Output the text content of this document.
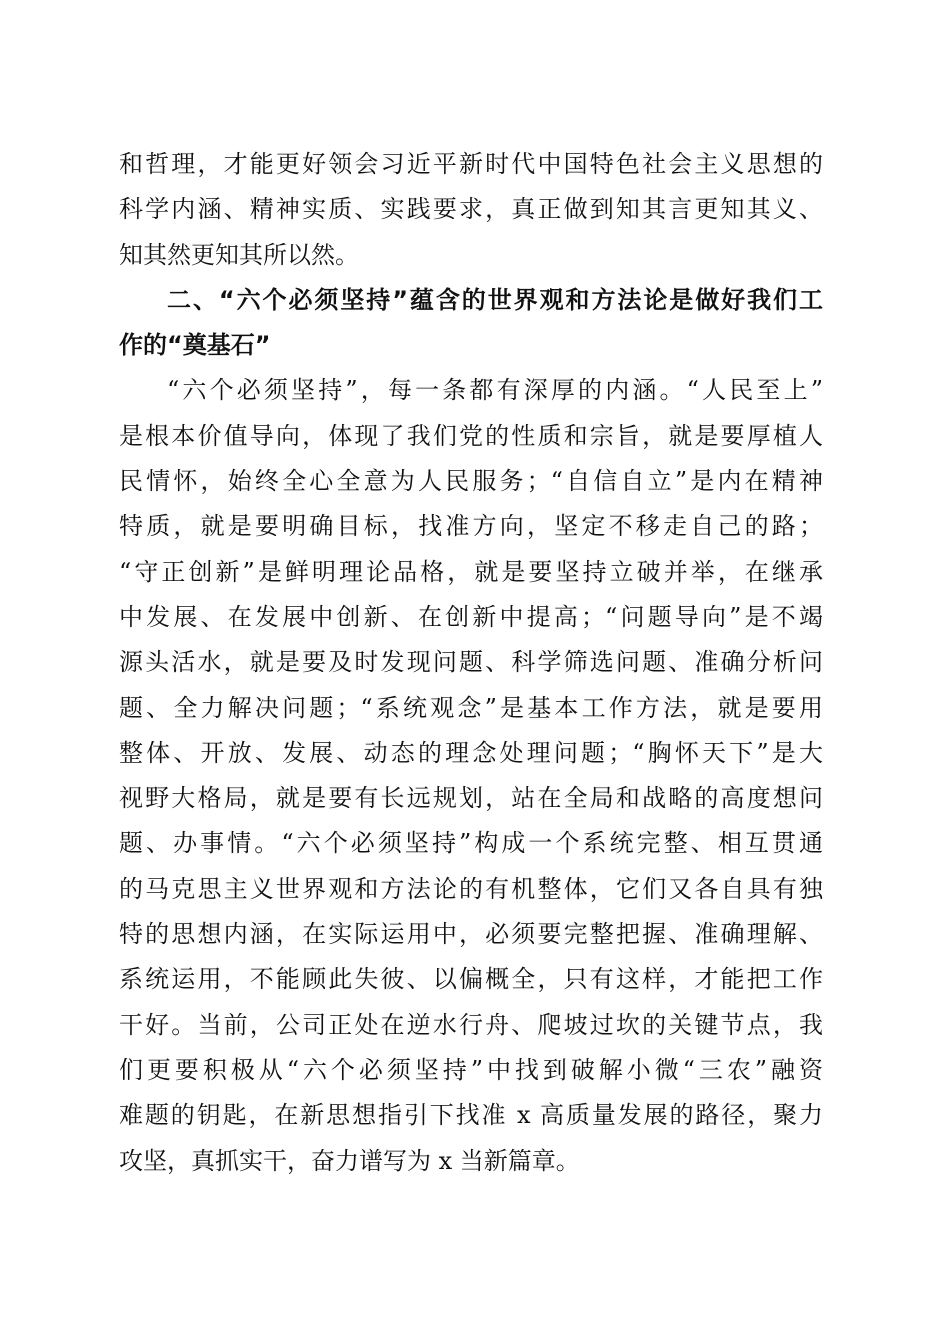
和哲理，才能更好领会习近平新时代中国特色社会主义思想的
科学内涵、精神实质、实践要求，真正做到知其言更知其义、
知其然更知其所以然。
二、“六个必须坚持”蕴含的世界观和方法论是做好我们工
作的“奠基石”
“六个必须坚持”，每一条都有深厚的内涵。“人民至上”
是根本价值导向，体现了我们党的性质和宗旨，就是要厚植人
民情怀，始终全心全意为人民服务；“自信自立”是内在精神
特质，就是要明确目标，找准方向，坚定不移走自己的路；
“守正创新”是鲜明理论品格，就是要坚持立破并举，在继承
中发展、在发展中创新、在创新中提高；“问题导向”是不竭
源头活水，就是要及时发现问题、科学筛选问题、准确分析问
题、全力解决问题；“系统观念”是基本工作方法，就是要用
整体、开放、发展、动态的理念处理问题；“胸怀天下”是大
视野大格局，就是要有长远规划，站在全局和战略的高度想问
题、办事情。“六个必须坚持”构成一个系统完整、相互贯通
的马克思主义世界观和方法论的有机整体，它们又各自具有独
特的思想内涵，在实际运用中，必须要完整把握、准确理解、
系统运用，不能顾此失彼、以偏概全，只有这样，才能把工作
干好。当前，公司正处在逆水行舟、爬坡过坎的关键节点，我
们更要积极从“六个必须坚持”中找到破解小微“三农”融资
难题的钥匙，在新思想指引下找准 x 高质量发展的路径，聚力
攻坚，真抓实干，奋力谱写为 x 当新篇章。
